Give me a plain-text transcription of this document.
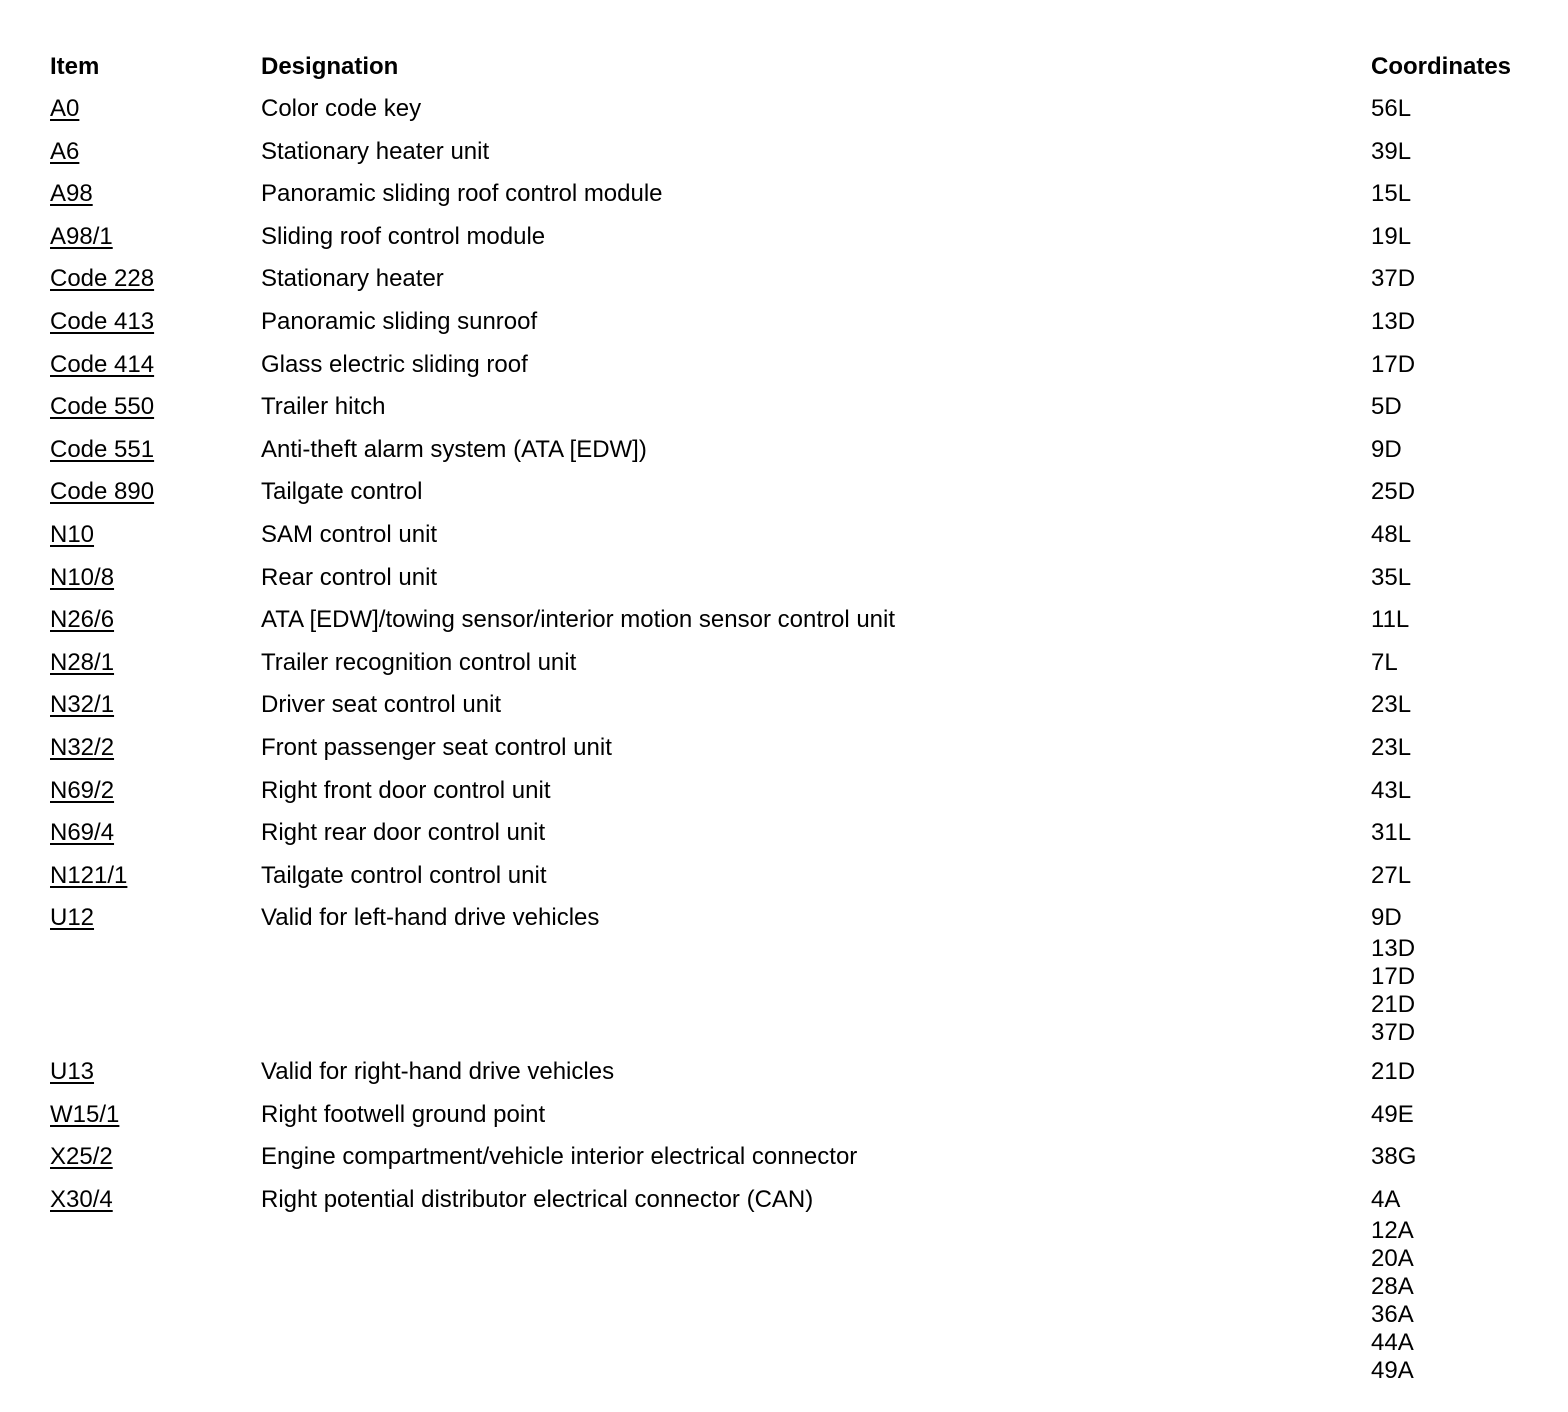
Item	Designation	Coordinates
A0	Color code key	56L
A6	Stationary heater unit	39L
A98	Panoramic sliding roof control module	15L
A98/1	Sliding roof control module	19L
Code 228	Stationary heater	37D
Code 413	Panoramic sliding sunroof	13D
Code 414	Glass electric sliding roof	17D
Code 550	Trailer hitch	5D
Code 551	Anti-theft alarm system (ATA [EDW])	9D
Code 890	Tailgate control	25D
N10	SAM control unit	48L
N10/8	Rear control unit	35L
N26/6	ATA [EDW]/towing sensor/interior motion sensor control unit	11L
N28/1	Trailer recognition control unit	7L
N32/1	Driver seat control unit	23L
N32/2	Front passenger seat control unit	23L
N69/2	Right front door control unit	43L
N69/4	Right rear door control unit	31L
N121/1	Tailgate control control unit	27L
U12	Valid for left-hand drive vehicles	9D
13D
17D
21D
37D
U13	Valid for right-hand drive vehicles	21D
W15/1	Right footwell ground point	49E
X25/2	Engine compartment/vehicle interior electrical connector	38G
X30/4	Right potential distributor electrical connector (CAN)	4A
12A
20A
28A
36A
44A
49A
